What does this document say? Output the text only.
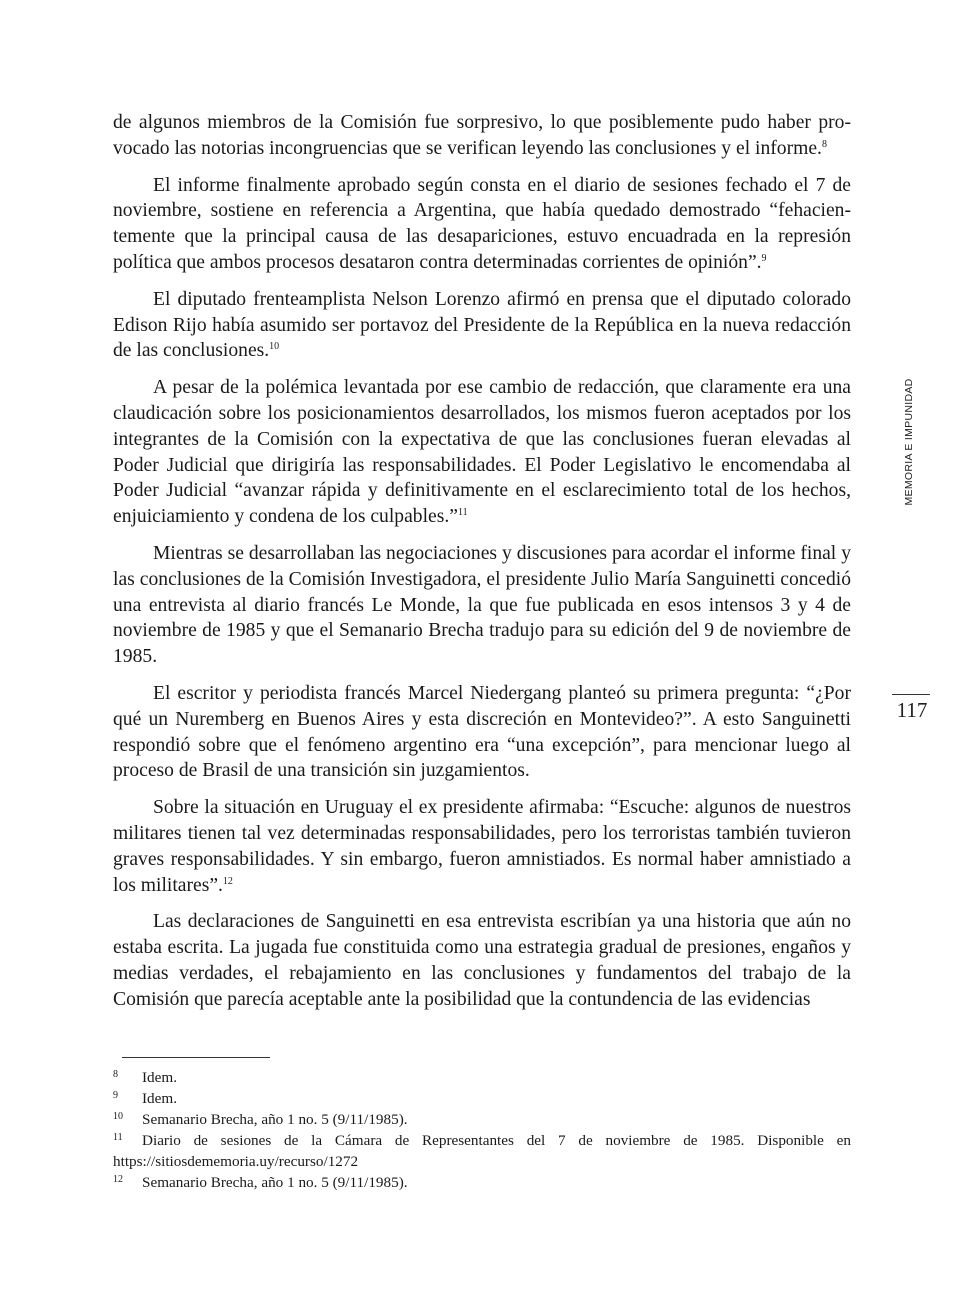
de algunos miembros de la Comisión fue sorpresivo, lo que posiblemente pudo haber provocado las notorias incongruencias que se verifican leyendo las conclusiones y el informe.$^8$

El informe finalmente aprobado según consta en el diario de sesiones fechado el 7 de noviembre, sostiene en referencia a Argentina, que había quedado demostrado “fehacientemente que la principal causa de las desapariciones, estuvo encuadrada en la represión política que ambos procesos desataron contra determinadas corrientes de opinión”.$^9$

El diputado frenteamplista Nelson Lorenzo afirmó en prensa que el diputado colorado Edison Rijo había asumido ser portavoz del Presidente de la República en la nueva redacción de las conclusiones.$^{10}$

A pesar de la polémica levantada por ese cambio de redacción, que claramente era una claudicación sobre los posicionamientos desarrollados, los mismos fueron aceptados por los integrantes de la Comisión con la expectativa de que las conclusiones fueran elevadas al Poder Judicial que dirigiría las responsabilidades. El Poder Legislativo le encomendaba al Poder Judicial “avanzar rápida y definitivamente en el esclarecimiento total de los hechos, enjuiciamiento y condena de los culpables.”$^{11}$

Mientras se desarrollaban las negociaciones y discusiones para acordar el informe final y las conclusiones de la Comisión Investigadora, el presidente Julio María Sanguinetti concedió una entrevista al diario francés Le Monde, la que fue publicada en esos intensos 3 y 4 de noviembre de 1985 y que el Semanario Brecha tradujo para su edición del 9 de noviembre de 1985.

El escritor y periodista francés Marcel Niedergang planteó su primera pregunta: “¿Por qué un Nuremberg en Buenos Aires y esta discreción en Montevideo?”. A esto Sanguinetti respondió sobre que el fenómeno argentino era “una excepción”, para mencionar luego al proceso de Brasil de una transición sin juzgamientos.

Sobre la situación en Uruguay el ex presidente afirmaba: “Escuche: algunos de nuestros militares tienen tal vez determinadas responsabilidades, pero los terroristas también tuvieron graves responsabilidades. Y sin embargo, fueron amnistiados. Es normal haber amnistiado a los militares”.$^{12}$

Las declaraciones de Sanguinetti en esa entrevista escribían ya una historia que aún no estaba escrita. La jugada fue constituida como una estrategia gradual de presiones, engaños y medias verdades, el rebajamiento en las conclusiones y fundamentos del trabajo de la Comisión que parecía aceptable ante la posibilidad que la contundencia de las evidencias

MEMORIA E IMPUNIDAD
117

8 Idem.

9 Idem.

10 Semanario Brecha, año 1 no. 5 (9/11/1985).

11 Diario de sesiones de la Cámara de Representantes del 7 de noviembre de 1985. Disponible en https://sitiosdememoria.uy/recurso/1272

12 Semanario Brecha, año 1 no. 5 (9/11/1985).
